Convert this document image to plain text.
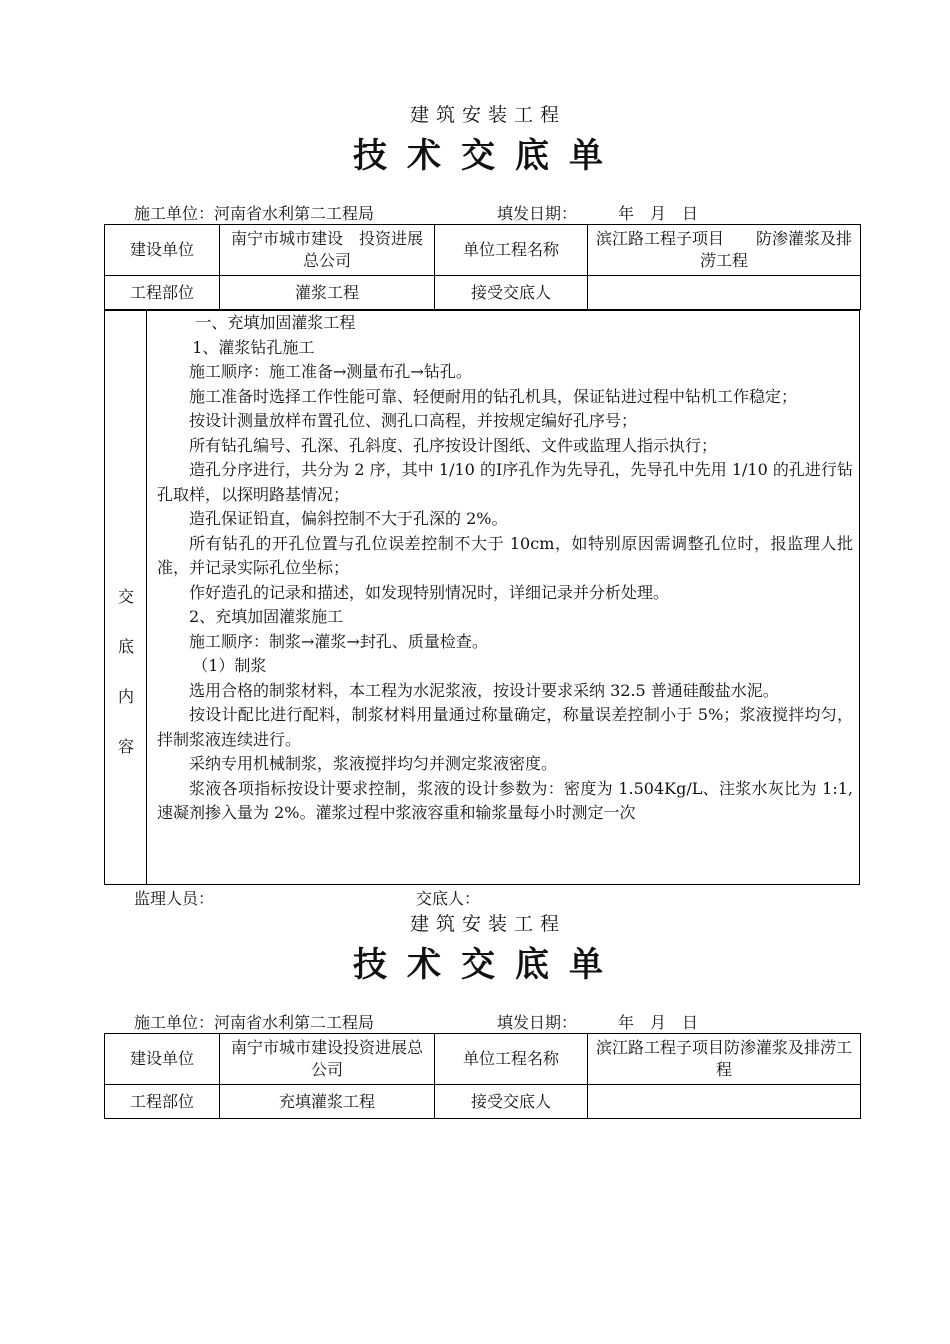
建筑安装工程
技术交底单
施工单位：河南省水利第二工程局	填发日期：	年　月　日
建设单位	南宁市城市建设　投资进展总公司	单位工程名称	滨江路工程子项目　　防渗灌浆及排涝工程
工程部位	灌浆工程	接受交底人	
交
底
内
容

一、充填加固灌浆工程

1、灌浆钻孔施工

施工顺序：施工准备→测量布孔→钻孔。

施工准备时选择工作性能可靠、轻便耐用的钻孔机具，保证钻进过程中钻机工作稳定；

按设计测量放样布置孔位、测孔口高程，并按规定编好孔序号；

所有钻孔编号、孔深、孔斜度、孔序按设计图纸、文件或监理人指示执行；

造孔分序进行，共分为 2 序，其中 1/10 的Ⅰ序孔作为先导孔，先导孔中先用 1/10 的孔进行钻孔取样，以探明路基情况；

造孔保证铅直，偏斜控制不大于孔深的 2%。

所有钻孔的开孔位置与孔位误差控制不大于 10cm，如特别原因需调整孔位时，报监理人批准，并记录实际孔位坐标；

作好造孔的记录和描述，如发现特别情况时，详细记录并分析处理。

2、充填加固灌浆施工

施工顺序：制浆→灌浆→封孔、质量检查。

（1）制浆

选用合格的制浆材料，本工程为水泥浆液，按设计要求采纳 32.5 普通硅酸盐水泥。

按设计配比进行配料，制浆材料用量通过称量确定，称量误差控制小于 5%；浆液搅拌均匀，拌制浆液连续进行。

采纳专用机械制浆，浆液搅拌均匀并测定浆液密度。

浆液各项指标按设计要求控制，浆液的设计参数为：密度为 1.504Kg/L、注浆水灰比为 1:1,速凝剂掺入量为 2%。灌浆过程中浆液容重和输浆量每小时测定一次

监理人员：	交底人：
建筑安装工程
技术交底单
施工单位：河南省水利第二工程局	填发日期：	年　月　日
建设单位	南宁市城市建设投资进展总公司	单位工程名称	滨江路工程子项目防渗灌浆及排涝工程
工程部位	充填灌浆工程	接受交底人	
